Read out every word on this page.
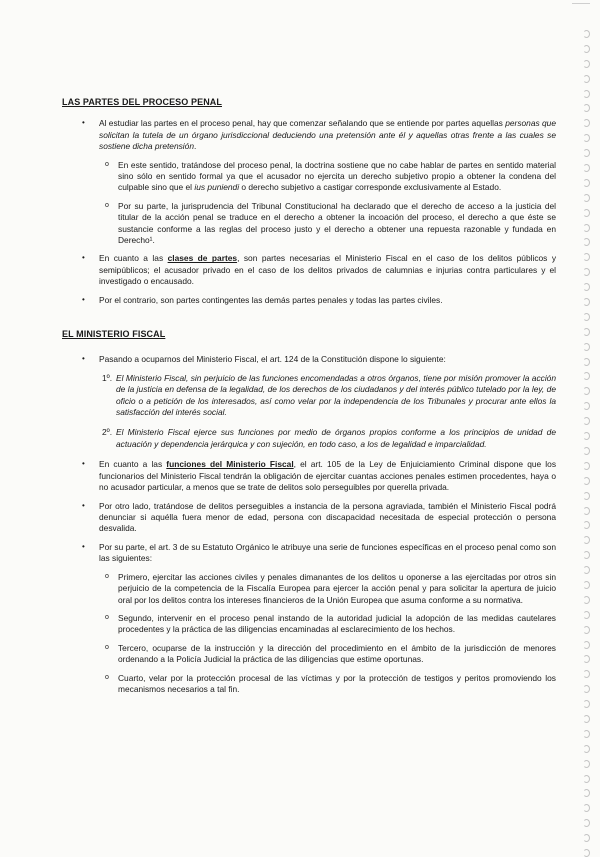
LAS PARTES DEL PROCESO PENAL

• Al estudiar las partes en el proceso penal, hay que comenzar señalando que se entiende por partes aquellas personas que solicitan la tutela de un órgano jurisdiccional deduciendo una pretensión ante él y aquellas otras frente a las cuales se sostiene dicha pretensión.

o En este sentido, tratándose del proceso penal, la doctrina sostiene que no cabe hablar de partes en sentido material sino sólo en sentido formal ya que el acusador no ejercita un derecho subjetivo propio a obtener la condena del culpable sino que el ius puniendi o derecho subjetivo a castigar corresponde exclusivamente al Estado.

o Por su parte, la jurisprudencia del Tribunal Constitucional ha declarado que el derecho de acceso a la justicia del titular de la acción penal se traduce en el derecho a obtener la incoación del proceso, el derecho a que éste se sustancie conforme a las reglas del proceso justo y el derecho a obtener una repuesta razonable y fundada en Derecho¹.

• En cuanto a las clases de partes, son partes necesarias el Ministerio Fiscal en el caso de los delitos públicos y semipúblicos; el acusador privado en el caso de los delitos privados de calumnias e injurias contra particulares y el investigado o encausado.

• Por el contrario, son partes contingentes las demás partes penales y todas las partes civiles.

EL MINISTERIO FISCAL

• Pasando a ocuparnos del Ministerio Fiscal, el art. 124 de la Constitución dispone lo siguiente:

1º. El Ministerio Fiscal, sin perjuicio de las funciones encomendadas a otros órganos, tiene por misión promover la acción de la justicia en defensa de la legalidad, de los derechos de los ciudadanos y del interés público tutelado por la ley, de oficio o a petición de los interesados, así como velar por la independencia de los Tribunales y procurar ante ellos la satisfacción del interés social.

2º. El Ministerio Fiscal ejerce sus funciones por medio de órganos propios conforme a los principios de unidad de actuación y dependencia jerárquica y con sujeción, en todo caso, a los de legalidad e imparcialidad.

• En cuanto a las funciones del Ministerio Fiscal, el art. 105 de la Ley de Enjuiciamiento Criminal dispone que los funcionarios del Ministerio Fiscal tendrán la obligación de ejercitar cuantas acciones penales estimen procedentes, haya o no acusador particular, a menos que se trate de delitos solo perseguibles por querella privada.

• Por otro lado, tratándose de delitos perseguibles a instancia de la persona agraviada, también el Ministerio Fiscal podrá denunciar si aquélla fuera menor de edad, persona con discapacidad necesitada de especial protección o persona desvalida.

• Por su parte, el art. 3 de su Estatuto Orgánico le atribuye una serie de funciones específicas en el proceso penal como son las siguientes:

o Primero, ejercitar las acciones civiles y penales dimanantes de los delitos u oponerse a las ejercitadas por otros sin perjuicio de la competencia de la Fiscalía Europea para ejercer la acción penal y para solicitar la apertura de juicio oral por los delitos contra los intereses financieros de la Unión Europea que asuma conforme a su normativa.

o Segundo, intervenir en el proceso penal instando de la autoridad judicial la adopción de las medidas cautelares procedentes y la práctica de las diligencias encaminadas al esclarecimiento de los hechos.

o Tercero, ocuparse de la instrucción y la dirección del procedimiento en el ámbito de la jurisdicción de menores ordenando a la Policía Judicial la práctica de las diligencias que estime oportunas.

o Cuarto, velar por la protección procesal de las víctimas y por la protección de testigos y peritos promoviendo los mecanismos necesarios a tal fin.
